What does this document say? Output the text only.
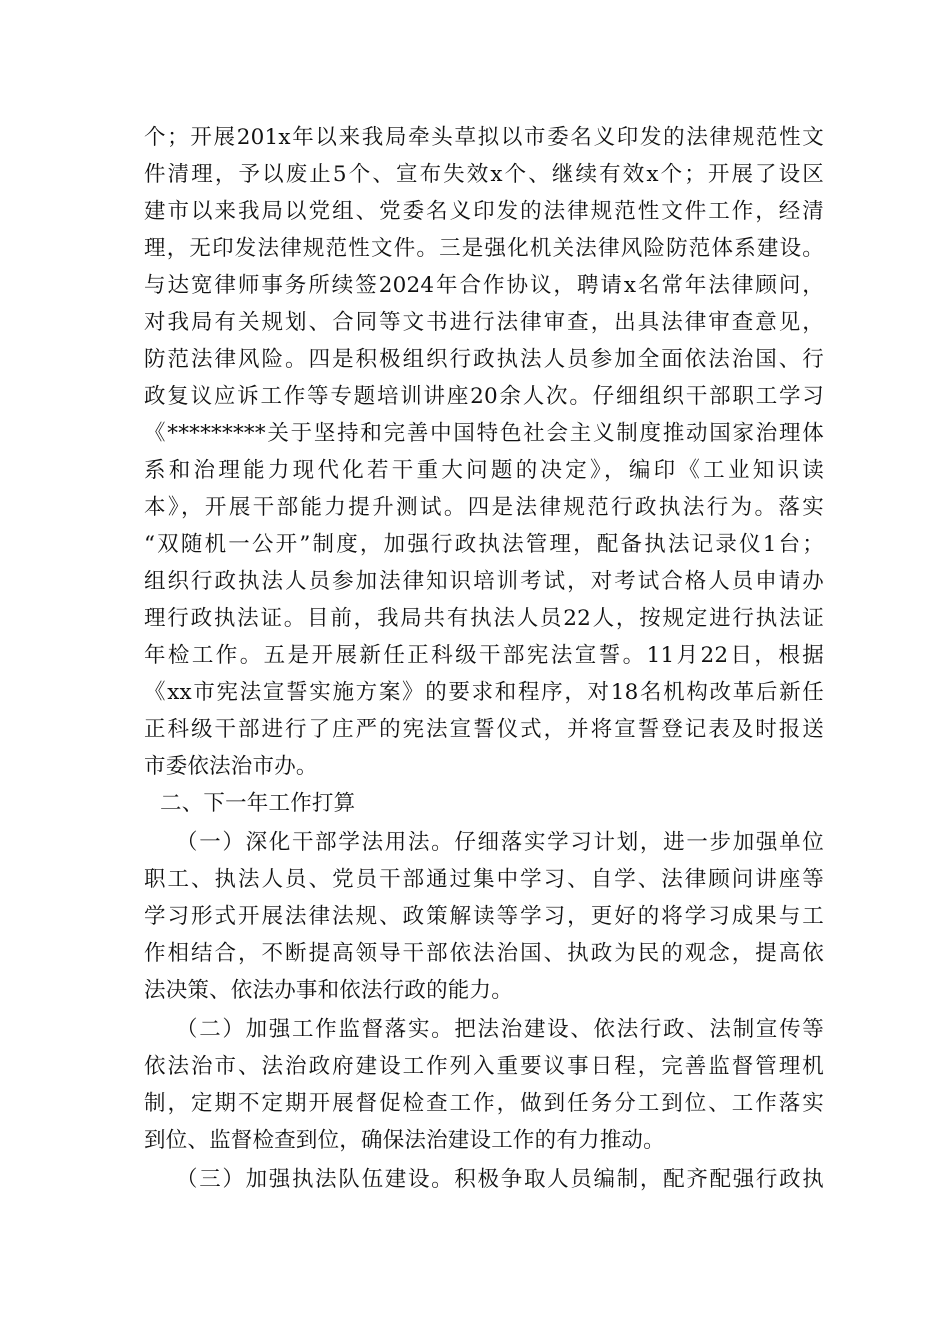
个；开展201x年以来我局牵头草拟以市委名义印发的法律规范性文
件清理，予以废止5个、宣布失效x个、继续有效x个；开展了设区
建市以来我局以党组、党委名义印发的法律规范性文件工作，经清
理，无印发法律规范性文件。三是强化机关法律风险防范体系建设。
与达宽律师事务所续签2024年合作协议，聘请x名常年法律顾问，
对我局有关规划、合同等文书进行法律审查，出具法律审查意见，
防范法律风险。四是积极组织行政执法人员参加全面依法治国、行
政复议应诉工作等专题培训讲座20余人次。仔细组织干部职工学习
《*********关于坚持和完善中国特色社会主义制度推动国家治理体
系和治理能力现代化若干重大问题的决定》，编印《工业知识读
本》，开展干部能力提升测试。四是法律规范行政执法行为。落实
“双随机一公开”制度，加强行政执法管理，配备执法记录仪1台；
组织行政执法人员参加法律知识培训考试，对考试合格人员申请办
理行政执法证。目前，我局共有执法人员22人，按规定进行执法证
年检工作。五是开展新任正科级干部宪法宣誓。11月22日，根据
《xx市宪法宣誓实施方案》的要求和程序，对18名机构改革后新任
正科级干部进行了庄严的宪法宣誓仪式，并将宣誓登记表及时报送
市委依法治市办。
二、下一年工作打算
（一）深化干部学法用法。仔细落实学习计划，进一步加强单位
职工、执法人员、党员干部通过集中学习、自学、法律顾问讲座等
学习形式开展法律法规、政策解读等学习，更好的将学习成果与工
作相结合，不断提高领导干部依法治国、执政为民的观念，提高依
法决策、依法办事和依法行政的能力。
（二）加强工作监督落实。把法治建设、依法行政、法制宣传等
依法治市、法治政府建设工作列入重要议事日程，完善监督管理机
制，定期不定期开展督促检查工作，做到任务分工到位、工作落实
到位、监督检查到位，确保法治建设工作的有力推动。
（三）加强执法队伍建设。积极争取人员编制，配齐配强行政执
